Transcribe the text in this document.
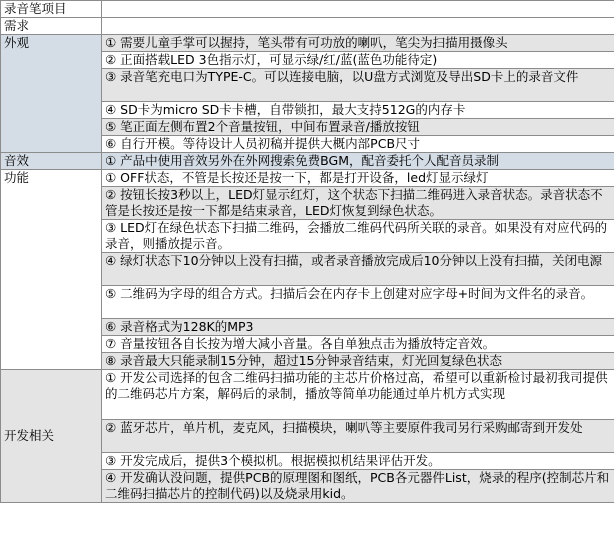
录音笔项目	
需求	
外观	① 需要儿童手掌可以握持，笔头带有可功放的喇叭，笔尖为扫描用摄像头
	② 正面搭载LED 3色指示灯，可显示绿/红/蓝(蓝色功能待定)
	③ 录音笔充电口为TYPE-C。可以连接电脑，以U盘方式浏览及导出SD卡上的录音文件
	④ SD卡为micro SD卡卡槽，自带锁扣，最大支持512G的内存卡
	⑤ 笔正面左侧布置2个音量按钮，中间布置录音/播放按钮
	⑥ 自行开模。等待设计人员初稿并提供大概内部PCB尺寸
音效	① 产品中使用音效另外在外网搜索免费BGM，配音委托个人配音员录制
功能	① OFF状态，不管是长按还是按一下，都是打开设备，led灯显示绿灯
	② 按钮长按3秒以上，LED灯显示红灯，这个状态下扫描二维码进入录音状态。录音状态不管是长按还是按一下都是结束录音，LED灯恢复到绿色状态。
	③ LED灯在绿色状态下扫描二维码，会播放二维码代码所关联的录音。如果没有对应代码的录音，则播放提示音。
	④ 绿灯状态下10分钟以上没有扫描，或者录音播放完成后10分钟以上没有扫描，关闭电源
	⑤ 二维码为字母的组合方式。扫描后会在内存卡上创建对应字母+时间为文件名的录音。
	⑥ 录音格式为128K的MP3
	⑦ 音量按钮各自长按为增大减小音量。各自单独点击为播放特定音效。
	⑧ 录音最大只能录制15分钟，超过15分钟录音结束，灯光回复绿色状态
开发相关	① 开发公司选择的包含二维码扫描功能的主芯片价格过高，希望可以重新检讨最初我司提供的二维码芯片方案，解码后的录制，播放等简单功能通过单片机方式实现
	② 蓝牙芯片，单片机，麦克风，扫描模块，喇叭等主要原件我司另行采购邮寄到开发处
	③ 开发完成后，提供3个模拟机。根据模拟机结果评估开发。
	④ 开发确认没问题，提供PCB的原理图和图纸，PCB各元器件List，烧录的程序(控制芯片和二维码扫描芯片的控制代码)以及烧录用kid。
